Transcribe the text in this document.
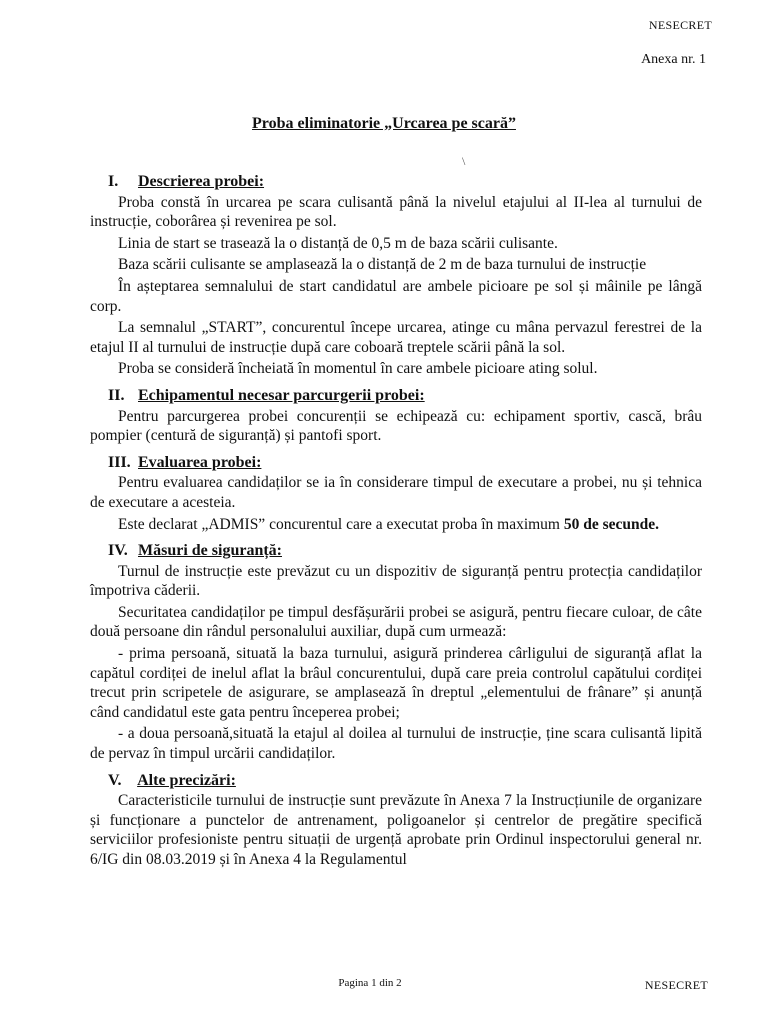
NESECRET
Anexa nr. 1
Proba eliminatorie „Urcarea pe scară”
\
I. Descrierea probei:

Proba constă în urcarea pe scara culisantă până la nivelul etajului al II-lea al turnului de instrucție, coborârea și revenirea pe sol.

Linia de start se trasează la o distanță de 0,5 m de baza scării culisante.

Baza scării culisante se amplasează la o distanță de 2 m de baza turnului de instrucție

În așteptarea semnalului de start candidatul are ambele picioare pe sol și mâinile pe lângă corp.

La semnalul „START”, concurentul începe urcarea, atinge cu mâna pervazul ferestrei de la etajul II al turnului de instrucție după care coboară treptele scării până la sol.

Proba se consideră încheiată în momentul în care ambele picioare ating solul.

II. Echipamentul necesar parcurgerii probei:

Pentru parcurgerea probei concurenții se echipează cu: echipament sportiv, cască, brâu pompier (centură de siguranță) și pantofi sport.

III. Evaluarea probei:

Pentru evaluarea candidaților se ia în considerare timpul de executare a probei, nu și tehnica de executare a acesteia.

Este declarat „ADMIS” concurentul care a executat proba în maximum 50 de secunde.

IV. Măsuri de siguranță:

Turnul de instrucție este prevăzut cu un dispozitiv de siguranță pentru protecția candidaților împotriva căderii.

Securitatea candidaților pe timpul desfășurării probei se asigură, pentru fiecare culoar, de câte două persoane din rândul personalului auxiliar, după cum urmează:

- prima persoană, situată la baza turnului, asigură prinderea cârligului de siguranță aflat la capătul cordiței de inelul aflat la brâul concurentului, după care preia controlul capătului cordiței trecut prin scripetele de asigurare, se amplasează în dreptul „elementului de frânare” și anunță când candidatul este gata pentru începerea probei;

- a doua persoană,situată la etajul al doilea al turnului de instrucție, ține scara culisantă lipită de pervaz în timpul urcării candidaților.

V. Alte precizări:

Caracteristicile turnului de instrucție sunt prevăzute în Anexa 7 la Instrucțiunile de organizare și funcționare a punctelor de antrenament, poligoanelor și centrelor de pregătire specifică serviciilor profesioniste pentru situații de urgență aprobate prin Ordinul inspectorului general nr. 6/IG din 08.03.2019 și în Anexa 4 la Regulamentul

Pagina 1 din 2	NESECRET
